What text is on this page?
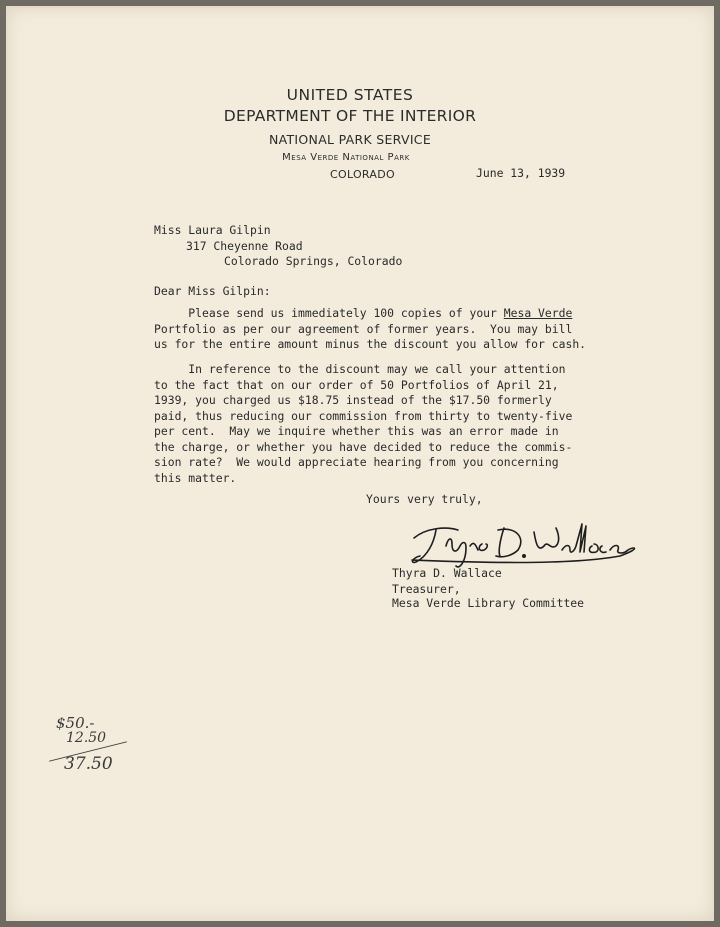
UNITED STATES
DEPARTMENT OF THE INTERIOR
NATIONAL PARK SERVICE
Mesa Verde National Park
COLORADO	June 13, 1939
Miss Laura Gilpin
317 Cheyenne Road
Colorado Springs, Colorado
Dear Miss Gilpin:
Please send us immediately 100 copies of your Mesa Verde
Portfolio as per our agreement of former years.  You may bill
us for the entire amount minus the discount you allow for cash.
In reference to the discount may we call your attention
to the fact that on our order of 50 Portfolios of April 21,
1939, you charged us $18.75 instead of the $17.50 formerly
paid, thus reducing our commission from thirty to twenty-five
per cent.  May we inquire whether this was an error made in
the charge, or whether you have decided to reduce the commis-
sion rate?  We would appreciate hearing from you concerning
this matter.
Yours very truly,
Thyra D. Wallace
Treasurer,
Mesa Verde Library Committee
$50.-
12.50
37.50
